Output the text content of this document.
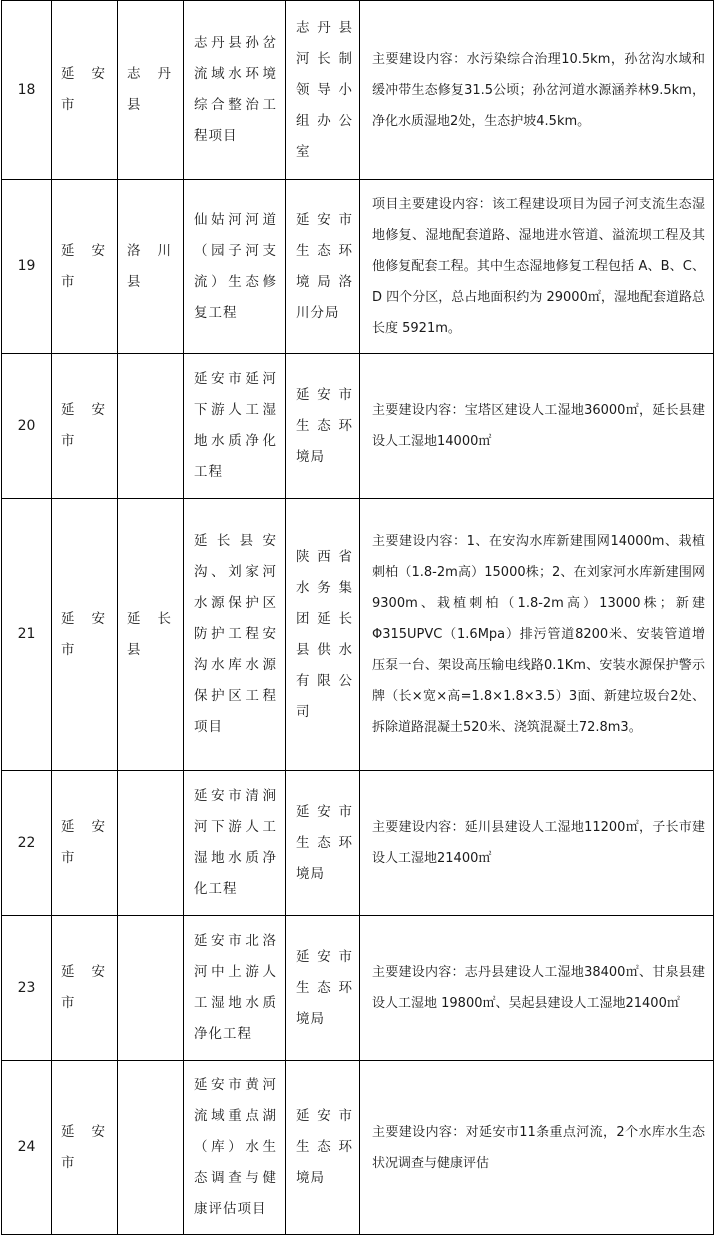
18	延安市	志丹县	志丹县孙岔流域水环境综合整治工程项目	志丹县河长制领导小组办公室	主要建设内容：水污染综合治理10.5km，孙岔沟水域和缓冲带生态修复31.5公顷；孙岔河道水源涵养林9.5km，净化水质湿地2处，生态护坡4.5km。
19	延安市	洛川县	仙姑河河道（园子河支流）生态修复工程	延安市生态环境局洛川分局	项目主要建设内容：该工程建设项目为园子河支流生态湿地修复、湿地配套道路、湿地进水管道、溢流坝工程及其他修复配套工程。其中生态湿地修复工程包括 A、B、C、D 四个分区，总占地面积约为 29000㎡，湿地配套道路总长度 5921m。
20	延安市		延安市延河下游人工湿地水质净化工程	延安市生态环境局	主要建设内容：宝塔区建设人工湿地36000㎡，延长县建设人工湿地14000㎡
21	延安市	延长县	延长县安沟、刘家河水源保护区防护工程安沟水库水源保护区工程项目	陕西省水务集团延长县供水有限公司	主要建设内容：1、在安沟水库新建围网14000m、栽植刺柏（1.8-2m高）15000株；2、在刘家河水库新建围网9300m、栽植刺柏（1.8-2m高）13000株；新建Φ315UPVC（1.6Mpa）排污管道8200米、安装管道增压泵一台、架设高压输电线路0.1Km、安装水源保护警示牌（长×宽×高=1.8×1.8×3.5）3面、新建垃圾台2处、拆除道路混凝土520米、浇筑混凝土72.8m3。
22	延安市		延安市清涧河下游人工湿地水质净化工程	延安市生态环境局	主要建设内容：延川县建设人工湿地11200㎡，子长市建设人工湿地21400㎡
23	延安市		延安市北洛河中上游人工湿地水质净化工程	延安市生态环境局	主要建设内容：志丹县建设人工湿地38400㎡、甘泉县建设人工湿地 19800㎡、吴起县建设人工湿地21400㎡
24	延安市		延安市黄河流域重点湖（库）水生态调查与健康评估项目	延安市生态环境局	主要建设内容：对延安市11条重点河流，2个水库水生态状况调查与健康评估
